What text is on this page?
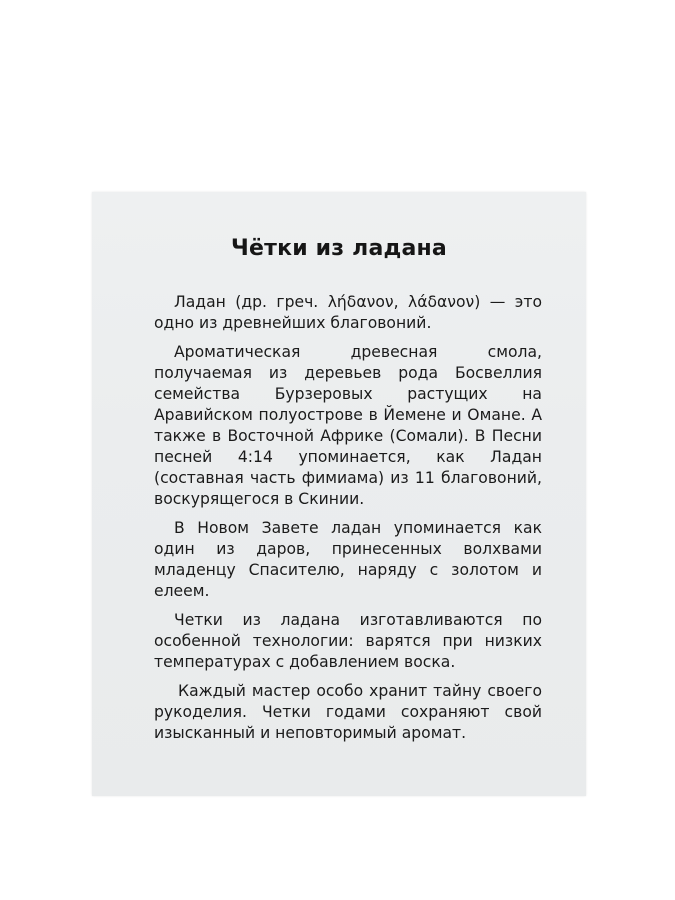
Чётки из ладана

Ладан (др. греч. λήδανον, λάδανον) — это одно из древнейших благовоний.

Ароматическая древесная смола, получаемая из деревьев рода Босвеллия семейства Бурзеровых растущих на Аравийском полуострове в Йемене и Омане. А также в Восточной Африке (Сомали). В Песни песней 4:14 упоминается, как Ладан (составная часть фимиама) из 11 благовоний, воскурящегося в Скинии.

В Новом Завете ладан упоминается как один из даров, принесенных волхвами младенцу Спасителю, наряду с золотом и елеем.

Четки из ладана изготавливаются по особенной технологии: варятся при низких температурах с добавлением воска.

Каждый мастер особо хранит тайну своего рукоделия. Четки годами сохраняют свой изысканный и неповторимый аромат.
